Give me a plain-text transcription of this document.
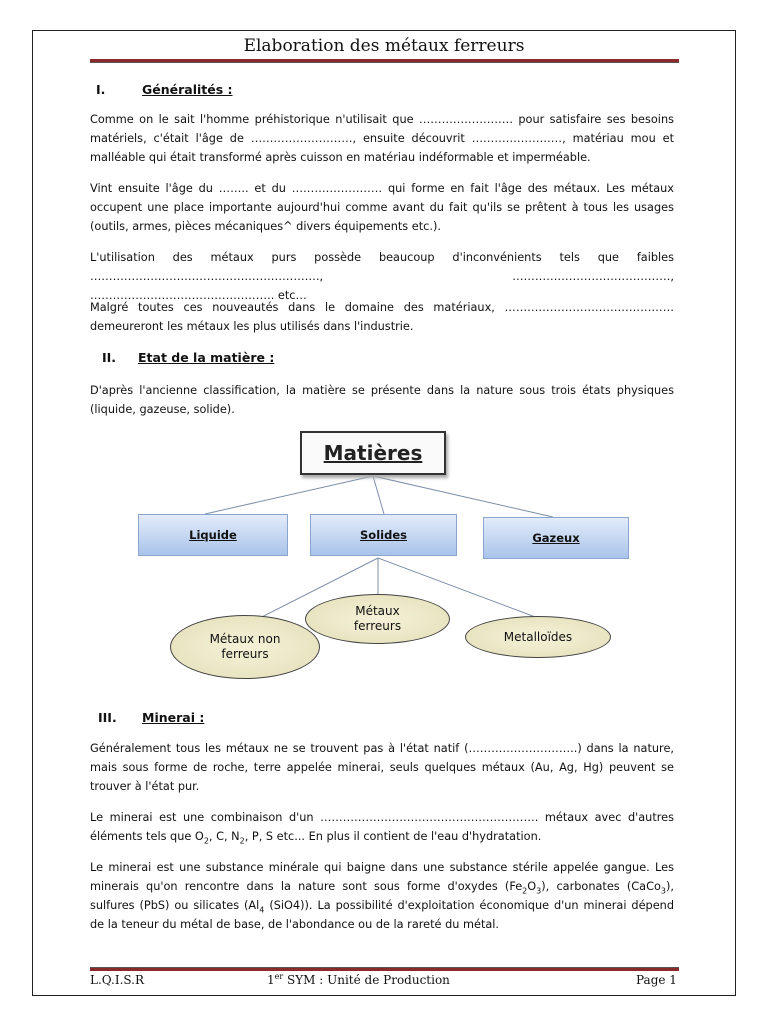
Elaboration des métaux ferreurs
I.	Généralités :
Comme on le sait l'homme préhistorique n'utilisait que ……………………. pour satisfaire ses besoins matériels, c'était l'âge de ………………………, ensuite découvrit ……………………, matériau mou et malléable qui était transformé après cuisson en matériau indéformable et imperméable.
Vint ensuite l'âge du …….. et du …………………… qui forme en fait l'âge des métaux. Les métaux occupent une place importante aujourd'hui comme avant du fait qu'ils se prêtent à tous les usages (outils, armes, pièces mécaniques^ divers équipements etc.).
L'utilisation des métaux purs possède beaucoup d'inconvénients tels que faibles ……………………………………………………., ……………………………………, …………………………………………. etc…
Malgré toutes ces nouveautés dans le domaine des matériaux, ……………………………………… demeureront les métaux les plus utilisés dans l'industrie.
II. Etat de la matière :
D'après l'ancienne classification, la matière se présente dans la nature sous trois états physiques (liquide, gazeuse, solide).
Matières
Liquide	Solides	Gazeux
Métaux non ferreurs
Métaux ferreurs
Metalloïdes
III. Minerai :
Généralement tous les métaux ne se trouvent pas à l'état natif (………………………..) dans la nature, mais sous forme de roche, terre appelée minerai, seuls quelques métaux (Au, Ag, Hg) peuvent se trouver à l'état pur.
Le minerai est une combinaison d'un …………………………………………………. métaux avec d'autres éléments tels que $O_2$, C, $N_2$, P, S etc... En plus il contient de l'eau d'hydratation.
Le minerai est une substance minérale qui baigne dans une substance stérile appelée gangue. Les minerais qu'on rencontre dans la nature sont sous forme d'oxydes $(Fe_2O_3)$, carbonates (CaCo$_3$), sulfures (PbS) ou silicates ($Al_4$ (SiO4)). La possibilité d'exploitation économique d'un minerai dépend de la teneur du métal de base, de l'abondance ou de la rareté du métal.
L.Q.I.S.R	1er SYM : Unité de Production	Page 1
